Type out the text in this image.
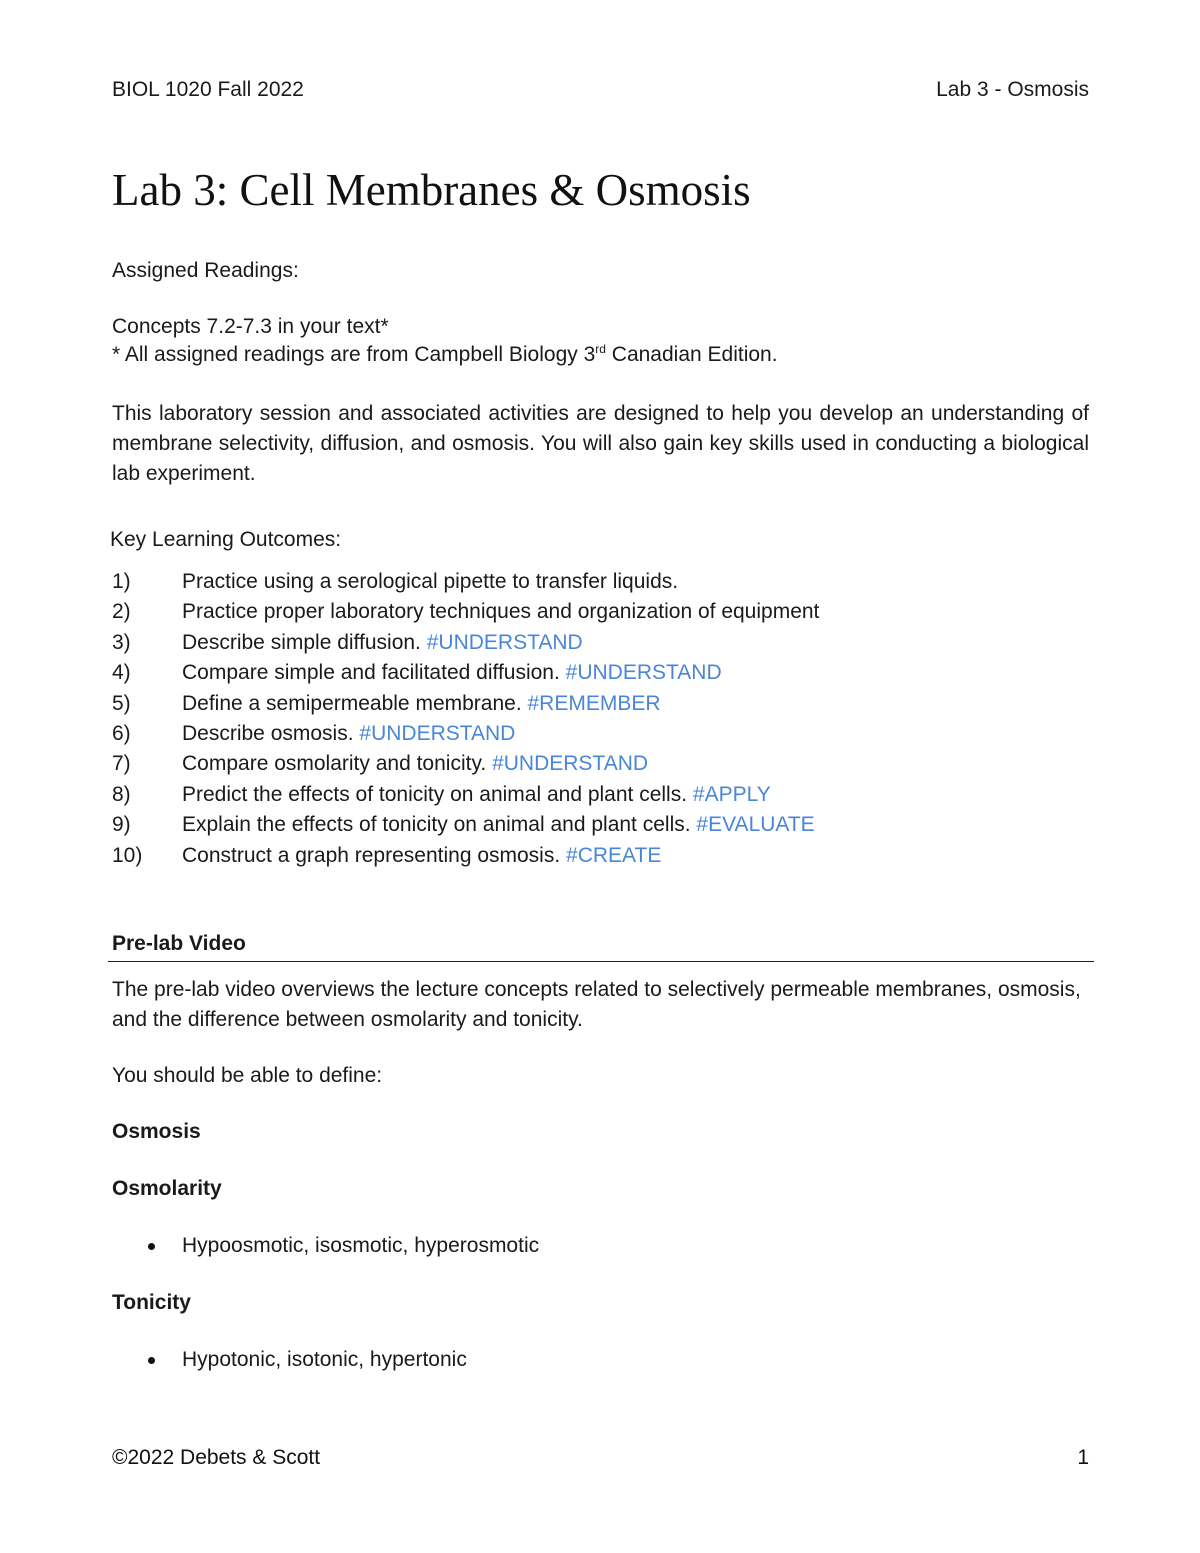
BIOL 1020 Fall 2022	Lab 3 - Osmosis
Lab 3: Cell Membranes & Osmosis

Assigned Readings:

Concepts 7.2-7.3 in your text*

* All assigned readings are from Campbell Biology 3rd Canadian Edition.

This laboratory session and associated activities are designed to help you develop an understanding of membrane selectivity, diffusion, and osmosis. You will also gain key skills used in conducting a biological lab experiment.

Key Learning Outcomes:

1)	Practice using a serological pipette to transfer liquids.
2)	Practice proper laboratory techniques and organization of equipment
3)	Describe simple diffusion. #UNDERSTAND
4)	Compare simple and facilitated diffusion. #UNDERSTAND
5)	Define a semipermeable membrane. #REMEMBER
6)	Describe osmosis. #UNDERSTAND
7)	Compare osmolarity and tonicity. #UNDERSTAND
8)	Predict the effects of tonicity on animal and plant cells. #APPLY
9)	Explain the effects of tonicity on animal and plant cells. #EVALUATE
10)	Construct a graph representing osmosis. #CREATE
Pre-lab Video

The pre-lab video overviews the lecture concepts related to selectively permeable membranes, osmosis, and the difference between osmolarity and tonicity.

You should be able to define:

Osmosis
Osmolarity
Hypoosmotic, isosmotic, hyperosmotic
Tonicity
Hypotonic, isotonic, hypertonic
©2022 Debets & Scott	1
